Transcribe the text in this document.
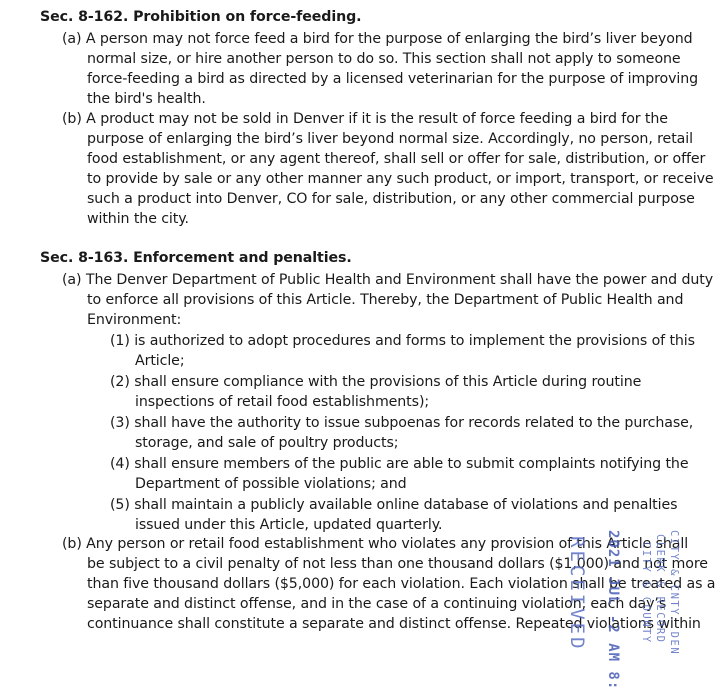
Sec. 8-162. Prohibition on force-feeding.
(a) A person may not force feed a bird for the purpose of enlarging the bird’s liver beyond
normal size, or hire another person to do so. This section shall not apply to someone
force-feeding a bird as directed by a licensed veterinarian for the purpose of improving
the bird's health.
(b) A product may not be sold in Denver if it is the result of force feeding a bird for the
purpose of enlarging the bird’s liver beyond normal size. Accordingly, no person, retail
food establishment, or any agent thereof, shall sell or offer for sale, distribution, or offer
to provide by sale or any other manner any such product, or import, transport, or receive
such a product into Denver, CO for sale, distribution, or any other commercial purpose
within the city.
Sec. 8-163. Enforcement and penalties.
(a) The Denver Department of Public Health and Environment shall have the power and duty
to enforce all provisions of this Article. Thereby, the Department of Public Health and
Environment:
(1) is authorized to adopt procedures and forms to implement the provisions of this
Article;
(2) shall ensure compliance with the provisions of this Article during routine
inspections of retail food establishments);
(3) shall have the authority to issue subpoenas for records related to the purchase,
storage, and sale of poultry products;
(4) shall ensure members of the public are able to submit complaints notifying the
Department of possible violations; and
(5) shall maintain a publicly available online database of violations and penalties
issued under this Article, updated quarterly.
(b) Any person or retail food establishment who violates any provision of this Article shall
be subject to a civil penalty of not less than one thousand dollars ($1,000) and not more
than five thousand dollars ($5,000) for each violation. Each violation shall be treated as a
separate and distinct offense, and in the case of a continuing violation, each day’s
continuance shall constitute a separate and distinct offense. Repeated violations within
RECEIVED 2021 JUL -2 AM 8: CITY & COUNTY CLERK & RECORD CITY & CNTY. DEN
